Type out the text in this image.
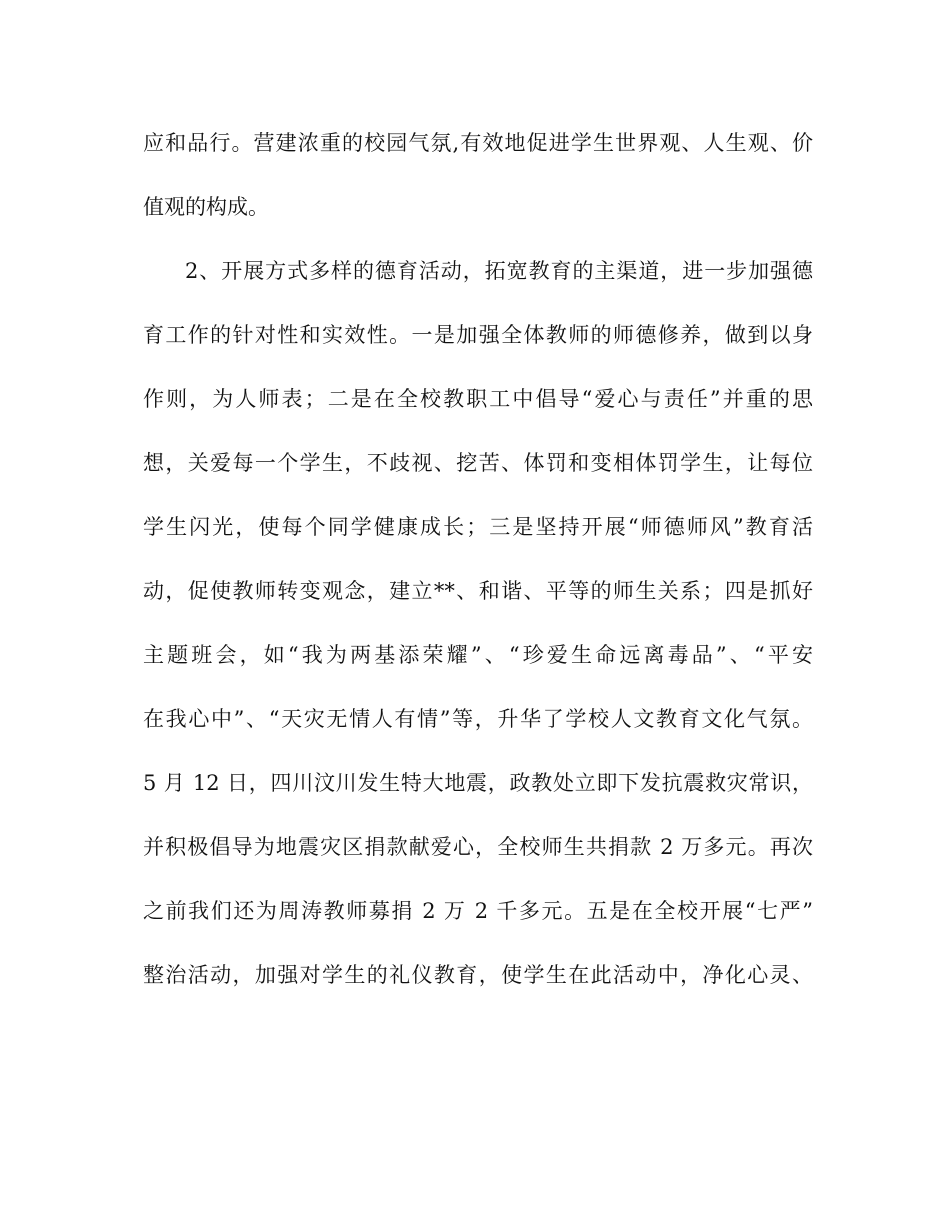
应和品行。营建浓重的校园气氛,有效地促进学生世界观、人生观、价
值观的构成。
2、开展方式多样的德育活动，拓宽教育的主渠道，进一步加强德
育工作的针对性和实效性。一是加强全体教师的师德修养，做到以身
作则，为人师表；二是在全校教职工中倡导“爱心与责任”并重的思
想，关爱每一个学生，不歧视、挖苦、体罚和变相体罚学生，让每位
学生闪光，使每个同学健康成长；三是坚持开展“师德师风”教育活
动，促使教师转变观念，建立**、和谐、平等的师生关系；四是抓好
主题班会，如“我为两基添荣耀”、“珍爱生命远离毒品”、“平安
在我心中”、“天灾无情人有情”等，升华了学校人文教育文化气氛。
5 月 12 日，四川汶川发生特大地震，政教处立即下发抗震救灾常识，
并积极倡导为地震灾区捐款献爱心，全校师生共捐款 2 万多元。再次
之前我们还为周涛教师募捐 2 万 2 千多元。五是在全校开展“七严”
整治活动，加强对学生的礼仪教育，使学生在此活动中，净化心灵、
